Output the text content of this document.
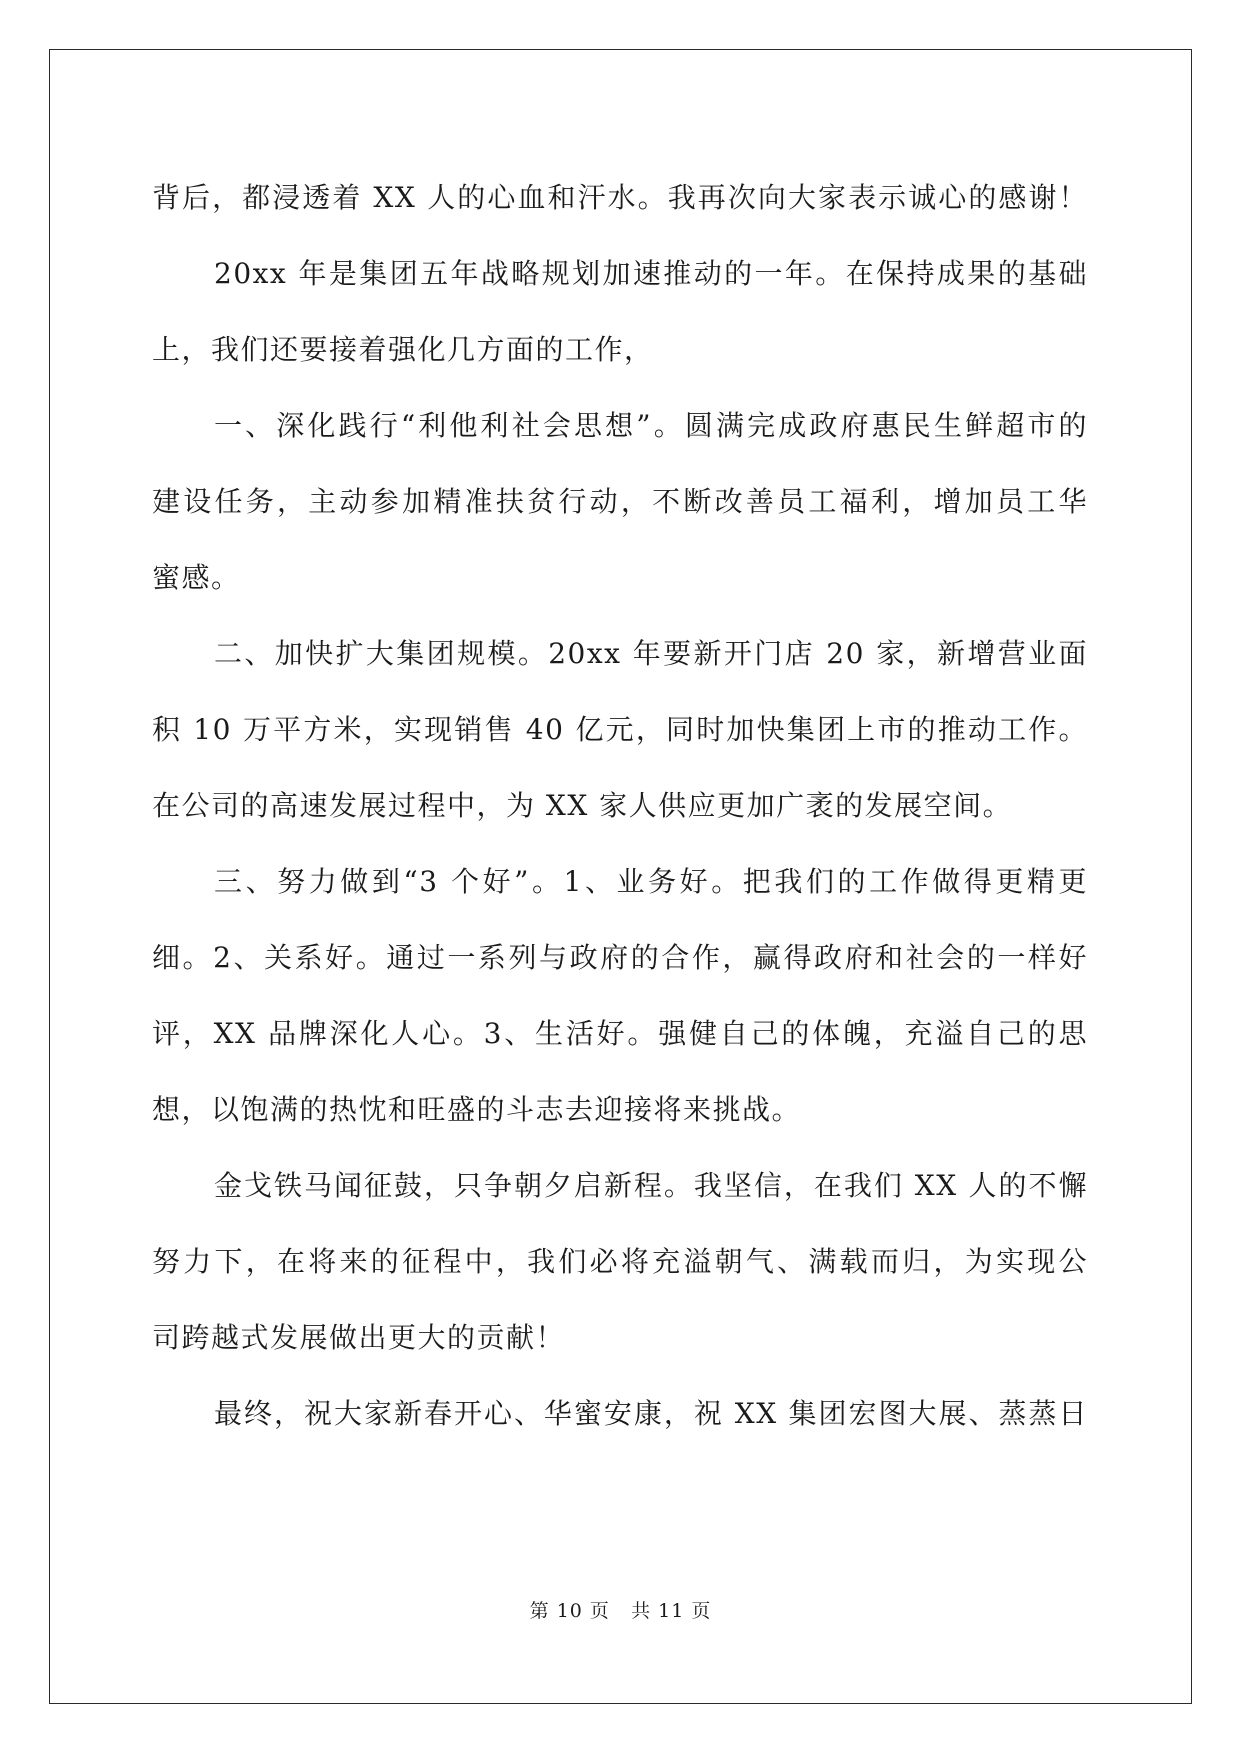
背后，都浸透着 XX 人的心血和汗水。我再次向大家表示诚心的感谢！
20xx 年是集团五年战略规划加速推动的一年。在保持成果的基础
上，我们还要接着强化几方面的工作，
一、深化践行“利他利社会思想”。圆满完成政府惠民生鲜超市的
建设任务，主动参加精准扶贫行动，不断改善员工福利，增加员工华
蜜感。
二、加快扩大集团规模。20xx 年要新开门店 20 家，新增营业面
积 10 万平方米，实现销售 40 亿元，同时加快集团上市的推动工作。
在公司的高速发展过程中，为 XX 家人供应更加广袤的发展空间。
三、努力做到“3 个好”。1、业务好。把我们的工作做得更精更
细。2、关系好。通过一系列与政府的合作，赢得政府和社会的一样好
评，XX 品牌深化人心。3、生活好。强健自己的体魄，充溢自己的思
想，以饱满的热忱和旺盛的斗志去迎接将来挑战。
金戈铁马闻征鼓，只争朝夕启新程。我坚信，在我们 XX 人的不懈
努力下，在将来的征程中，我们必将充溢朝气、满载而归，为实现公
司跨越式发展做出更大的贡献！
最终，祝大家新春开心、华蜜安康，祝 XX 集团宏图大展、蒸蒸日
第 10 页 共 11 页
